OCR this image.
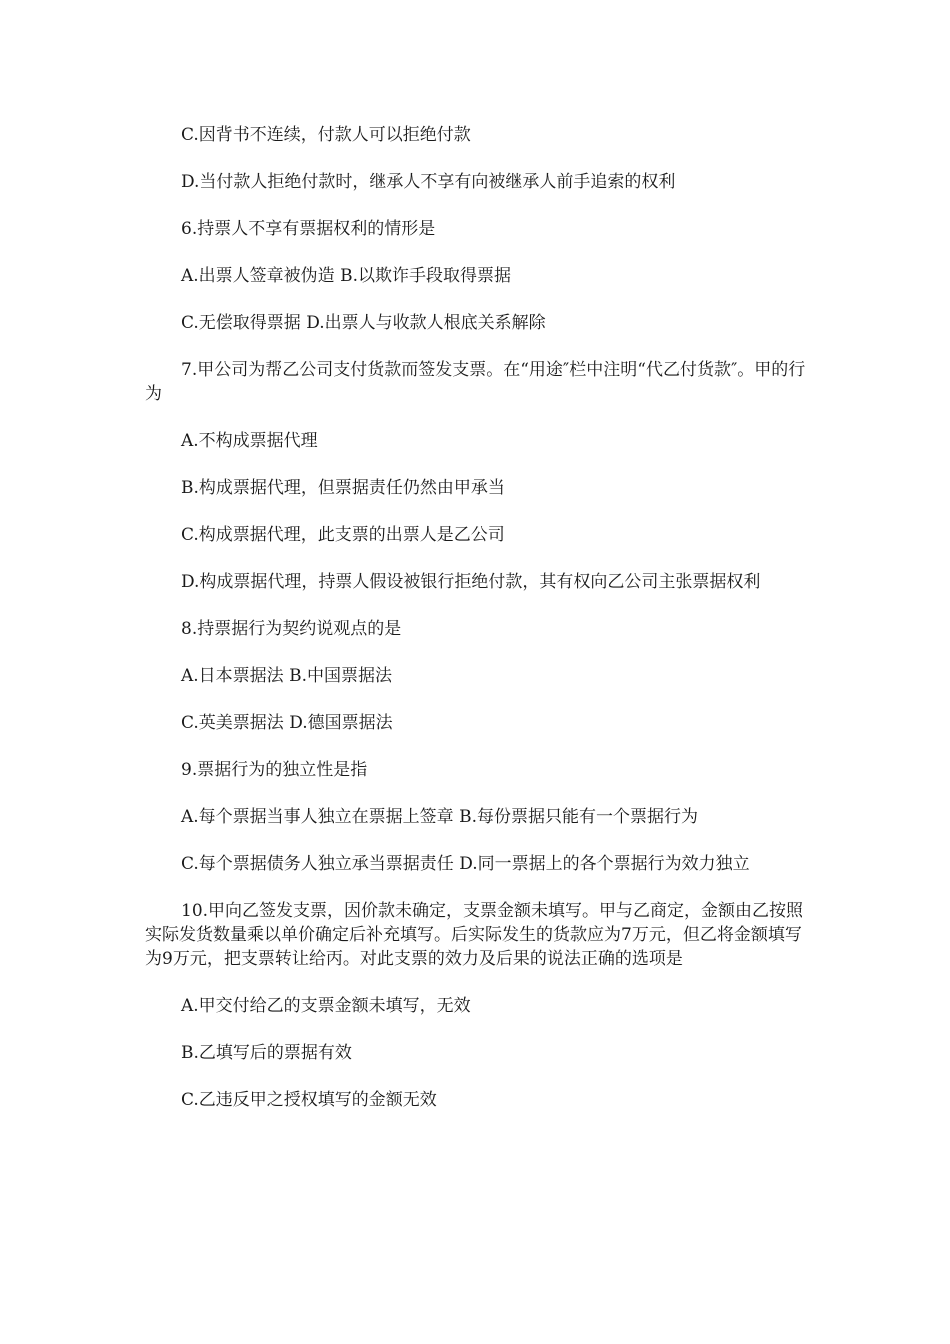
C.因背书不连续，付款人可以拒绝付款

D.当付款人拒绝付款时，继承人不享有向被继承人前手追索的权利

6.持票人不享有票据权利的情形是

A.出票人签章被伪造 B.以欺诈手段取得票据

C.无偿取得票据 D.出票人与收款人根底关系解除

7.甲公司为帮乙公司支付货款而签发支票。在“用途″栏中注明“代乙付货款″。甲的行为

A.不构成票据代理

B.构成票据代理，但票据责任仍然由甲承当

C.构成票据代理，此支票的出票人是乙公司

D.构成票据代理，持票人假设被银行拒绝付款，其有权向乙公司主张票据权利

8.持票据行为契约说观点的是

A.日本票据法 B.中国票据法

C.英美票据法 D.德国票据法

9.票据行为的独立性是指

A.每个票据当事人独立在票据上签章 B.每份票据只能有一个票据行为

C.每个票据债务人独立承当票据责任 D.同一票据上的各个票据行为效力独立

10.甲向乙签发支票，因价款未确定，支票金额未填写。甲与乙商定，金额由乙按照实际发货数量乘以单价确定后补充填写。后实际发生的货款应为7万元，但乙将金额填写为9万元，把支票转让给丙。对此支票的效力及后果的说法正确的选项是

A.甲交付给乙的支票金额未填写，无效

B.乙填写后的票据有效

C.乙违反甲之授权填写的金额无效
